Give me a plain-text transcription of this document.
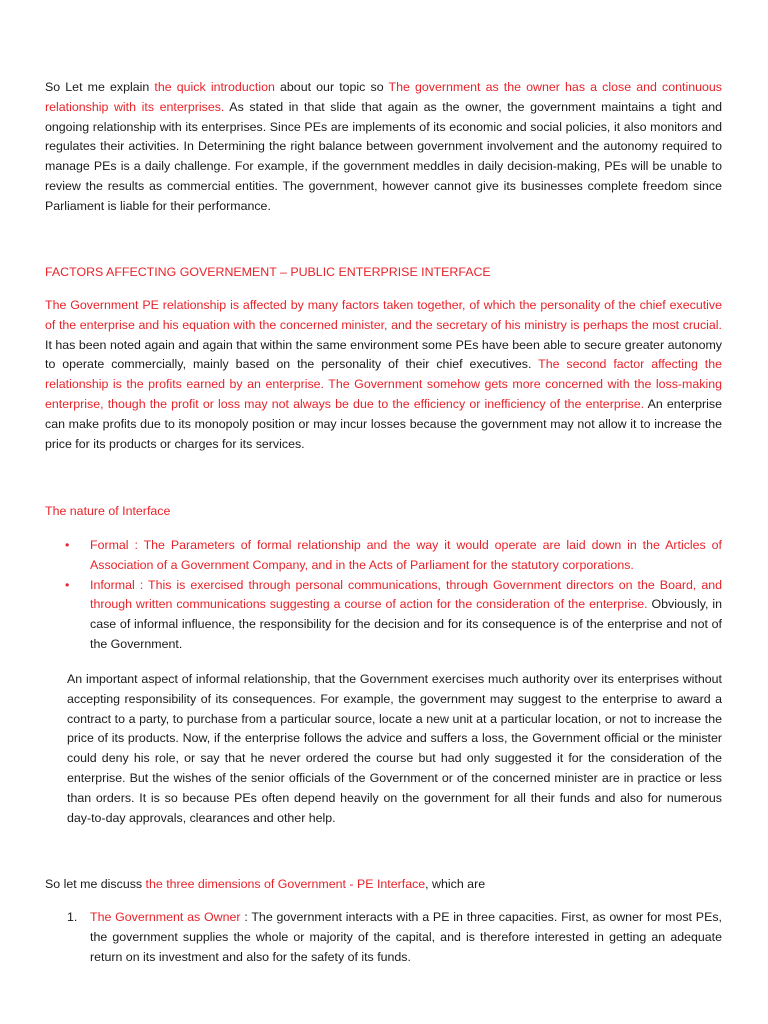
So Let me explain the quick introduction about our topic so The government as the owner has a close and continuous relationship with its enterprises. As stated in that slide that again as the owner, the government maintains a tight and ongoing relationship with its enterprises. Since PEs are implements of its economic and social policies, it also monitors and regulates their activities. In Determining the right balance between government involvement and the autonomy required to manage PEs is a daily challenge. For example, if the government meddles in daily decision-making, PEs will be unable to review the results as commercial entities. The government, however cannot give its businesses complete freedom since Parliament is liable for their performance.

FACTORS AFFECTING GOVERNEMENT – PUBLIC ENTERPRISE INTERFACE

The Government PE relationship is affected by many factors taken together, of which the personality of the chief executive of the enterprise and his equation with the concerned minister, and the secretary of his ministry is perhaps the most crucial. It has been noted again and again that within the same environment some PEs have been able to secure greater autonomy to operate commercially, mainly based on the personality of their chief executives. The second factor affecting the relationship is the profits earned by an enterprise. The Government somehow gets more concerned with the loss-making enterprise, though the profit or loss may not always be due to the efficiency or inefficiency of the enterprise. An enterprise can make profits due to its monopoly position or may incur losses because the government may not allow it to increase the price for its products or charges for its services.

The nature of Interface

• Formal : The Parameters of formal relationship and the way it would operate are laid down in the Articles of Association of a Government Company, and in the Acts of Parliament for the statutory corporations.
• Informal : This is exercised through personal communications, through Government directors on the Board, and through written communications suggesting a course of action for the consideration of the enterprise. Obviously, in case of informal influence, the responsibility for the decision and for its consequence is of the enterprise and not of the Government.

An important aspect of informal relationship, that the Government exercises much authority over its enterprises without accepting responsibility of its consequences. For example, the government may suggest to the enterprise to award a contract to a party, to purchase from a particular source, locate a new unit at a particular location, or not to increase the price of its products. Now, if the enterprise follows the advice and suffers a loss, the Government official or the minister could deny his role, or say that he never ordered the course but had only suggested it for the consideration of the enterprise. But the wishes of the senior officials of the Government or of the concerned minister are in practice or less than orders. It is so because PEs often depend heavily on the government for all their funds and also for numerous day-to-day approvals, clearances and other help.

So let me discuss the three dimensions of Government - PE Interface, which are

1. The Government as Owner : The government interacts with a PE in three capacities. First, as owner for most PEs, the government supplies the whole or majority of the capital, and is therefore interested in getting an adequate return on its investment and also for the safety of its funds.
